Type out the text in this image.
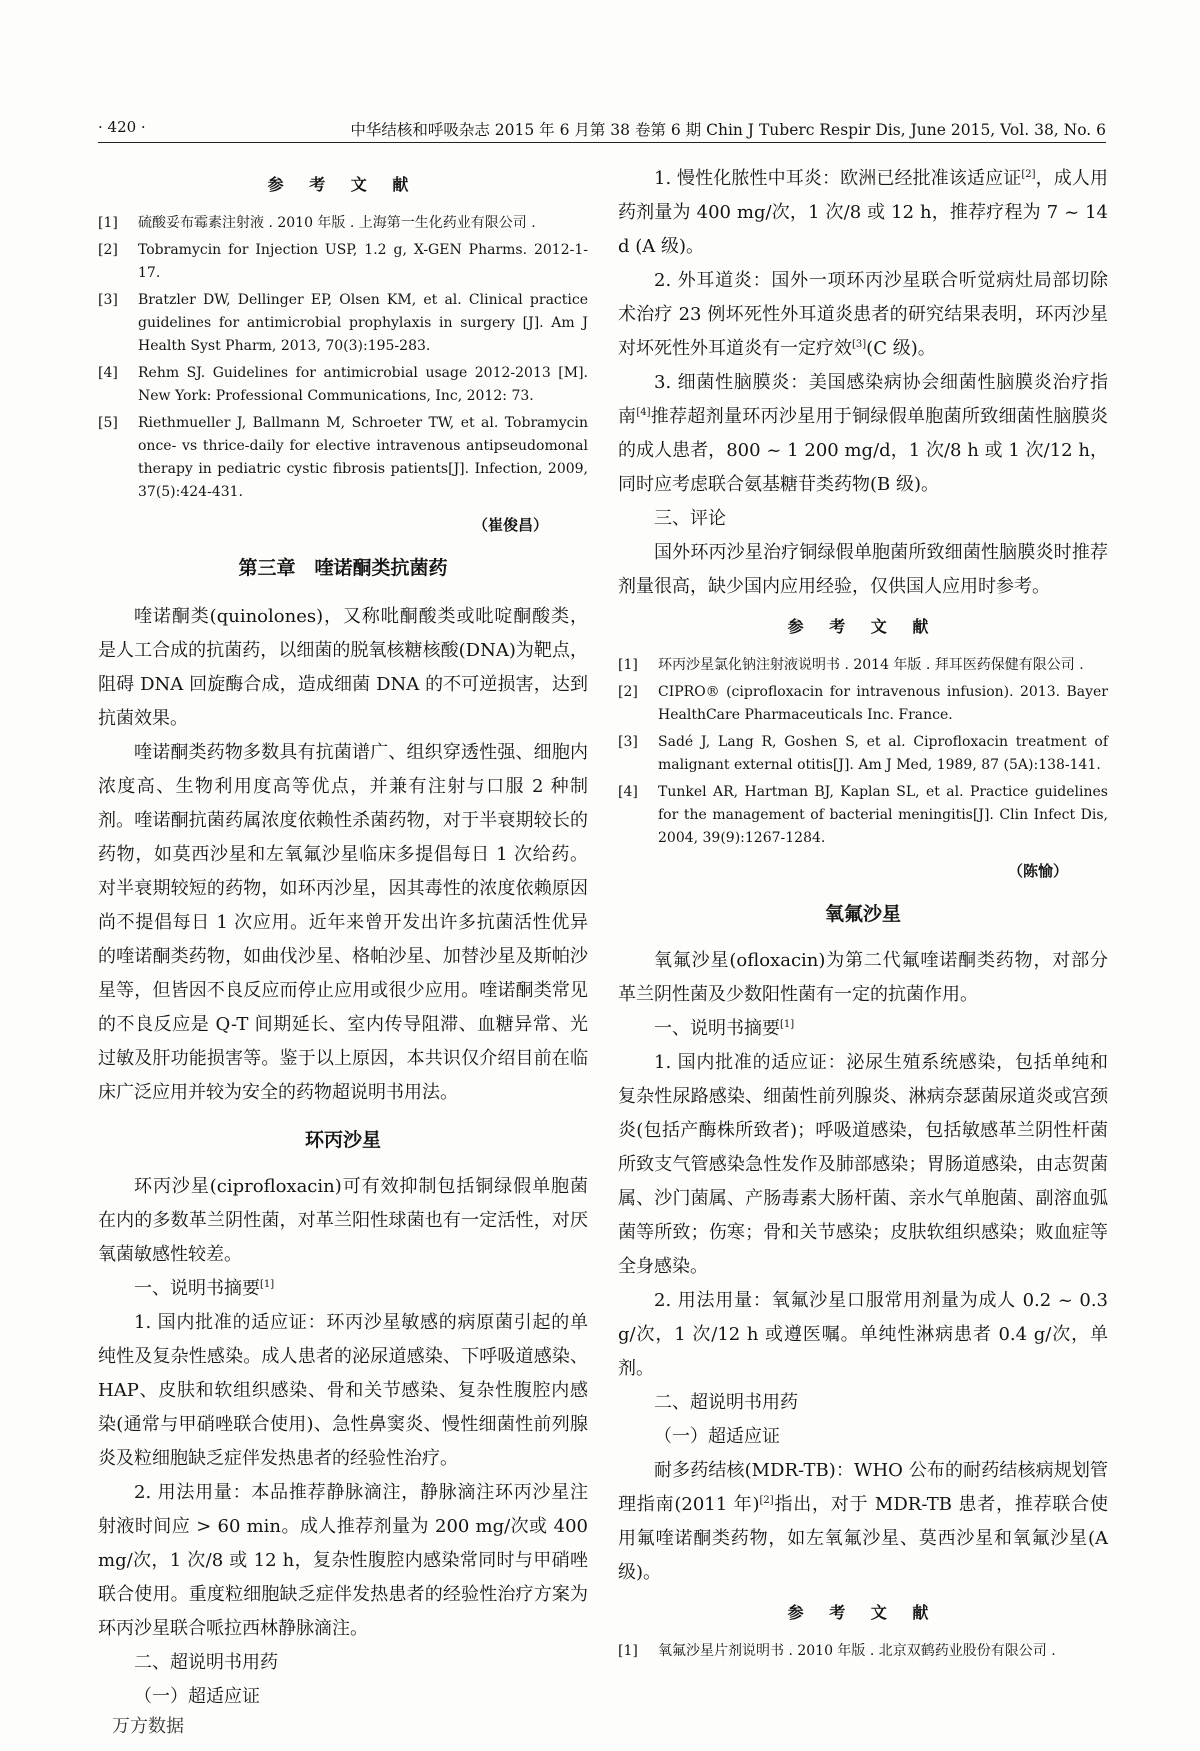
· 420 ·	中华结核和呼吸杂志 2015 年 6 月第 38 卷第 6 期 Chin J Tuberc Respir Dis, June 2015, Vol. 38, No. 6
参 考 文 献
[1] 硫酸妥布霉素注射液 . 2010 年版 . 上海第一生化药业有限公司 .
[2] Tobramycin for Injection USP, 1.2 g, X-GEN Pharms. 2012-1-17.
[3] Bratzler DW, Dellinger EP, Olsen KM, et al. Clinical practice guidelines for antimicrobial prophylaxis in surgery [J]. Am J Health Syst Pharm, 2013, 70(3):195-283.
[4] Rehm SJ. Guidelines for antimicrobial usage 2012-2013 [M]. New York: Professional Communications, Inc, 2012: 73.
[5] Riethmueller J, Ballmann M, Schroeter TW, et al. Tobramycin once- vs thrice-daily for elective intravenous antipseudomonal therapy in pediatric cystic fibrosis patients[J]. Infection, 2009, 37(5):424-431.
（崔俊昌）
第三章　喹诺酮类抗菌药

喹诺酮类(quinolones)，又称吡酮酸类或吡啶酮酸类，是人工合成的抗菌药，以细菌的脱氧核糖核酸(DNA)为靶点，阻碍 DNA 回旋酶合成，造成细菌 DNA 的不可逆损害，达到抗菌效果。

喹诺酮类药物多数具有抗菌谱广、组织穿透性强、细胞内浓度高、生物利用度高等优点，并兼有注射与口服 2 种制剂。喹诺酮抗菌药属浓度依赖性杀菌药物，对于半衰期较长的药物，如莫西沙星和左氧氟沙星临床多提倡每日 1 次给药。对半衰期较短的药物，如环丙沙星，因其毒性的浓度依赖原因尚不提倡每日 1 次应用。近年来曾开发出许多抗菌活性优异的喹诺酮类药物，如曲伐沙星、格帕沙星、加替沙星及斯帕沙星等，但皆因不良反应而停止应用或很少应用。喹诺酮类常见的不良反应是 Q-T 间期延长、室内传导阻滞、血糖异常、光过敏及肝功能损害等。鉴于以上原因，本共识仅介绍目前在临床广泛应用并较为安全的药物超说明书用法。

环丙沙星

环丙沙星(ciprofloxacin)可有效抑制包括铜绿假单胞菌在内的多数革兰阴性菌，对革兰阳性球菌也有一定活性，对厌氧菌敏感性较差。

一、说明书摘要[1]

1. 国内批准的适应证：环丙沙星敏感的病原菌引起的单纯性及复杂性感染。成人患者的泌尿道感染、下呼吸道感染、HAP、皮肤和软组织感染、骨和关节感染、复杂性腹腔内感染(通常与甲硝唑联合使用)、急性鼻窦炎、慢性细菌性前列腺炎及粒细胞缺乏症伴发热患者的经验性治疗。

2. 用法用量：本品推荐静脉滴注，静脉滴注环丙沙星注射液时间应 > 60 min。成人推荐剂量为 200 mg/次或 400 mg/次，1 次/8 或 12 h，复杂性腹腔内感染常同时与甲硝唑联合使用。重度粒细胞缺乏症伴发热患者的经验性治疗方案为环丙沙星联合哌拉西林静脉滴注。

二、超说明书用药

（一）超适应证

1. 慢性化脓性中耳炎：欧洲已经批准该适应证[2]，成人用药剂量为 400 mg/次，1 次/8 或 12 h，推荐疗程为 7 ~ 14 d (A 级)。

2. 外耳道炎：国外一项环丙沙星联合听觉病灶局部切除术治疗 23 例坏死性外耳道炎患者的研究结果表明，环丙沙星对坏死性外耳道炎有一定疗效[3](C 级)。

3. 细菌性脑膜炎：美国感染病协会细菌性脑膜炎治疗指南[4]推荐超剂量环丙沙星用于铜绿假单胞菌所致细菌性脑膜炎的成人患者，800 ~ 1 200 mg/d，1 次/8 h 或 1 次/12 h，同时应考虑联合氨基糖苷类药物(B 级)。

三、评论

国外环丙沙星治疗铜绿假单胞菌所致细菌性脑膜炎时推荐剂量很高，缺少国内应用经验，仅供国人应用时参考。

参 考 文 献
[1] 环丙沙星氯化钠注射液说明书 . 2014 年版 . 拜耳医药保健有限公司 .
[2] CIPRO® (ciprofloxacin for intravenous infusion). 2013. Bayer HealthCare Pharmaceuticals Inc. France.
[3] Sadé J, Lang R, Goshen S, et al. Ciprofloxacin treatment of malignant external otitis[J]. Am J Med, 1989, 87 (5A):138-141.
[4] Tunkel AR, Hartman BJ, Kaplan SL, et al. Practice guidelines for the management of bacterial meningitis[J]. Clin Infect Dis, 2004, 39(9):1267-1284.
（陈愉）
氧氟沙星

氧氟沙星(ofloxacin)为第二代氟喹诺酮类药物，对部分革兰阴性菌及少数阳性菌有一定的抗菌作用。

一、说明书摘要[1]

1. 国内批准的适应证：泌尿生殖系统感染，包括单纯和复杂性尿路感染、细菌性前列腺炎、淋病奈瑟菌尿道炎或宫颈炎(包括产酶株所致者)；呼吸道感染，包括敏感革兰阴性杆菌所致支气管感染急性发作及肺部感染；胃肠道感染，由志贺菌属、沙门菌属、产肠毒素大肠杆菌、亲水气单胞菌、副溶血弧菌等所致；伤寒；骨和关节感染；皮肤软组织感染；败血症等全身感染。

2. 用法用量：氧氟沙星口服常用剂量为成人 0.2 ~ 0.3 g/次，1 次/12 h 或遵医嘱。单纯性淋病患者 0.4 g/次，单剂。

二、超说明书用药

（一）超适应证

耐多药结核(MDR-TB)：WHO 公布的耐药结核病规划管理指南(2011 年)[2]指出，对于 MDR-TB 患者，推荐联合使用氟喹诺酮类药物，如左氧氟沙星、莫西沙星和氧氟沙星(A 级)。

参 考 文 献
[1] 氧氟沙星片剂说明书 . 2010 年版 . 北京双鹤药业股份有限公司 .
万方数据
